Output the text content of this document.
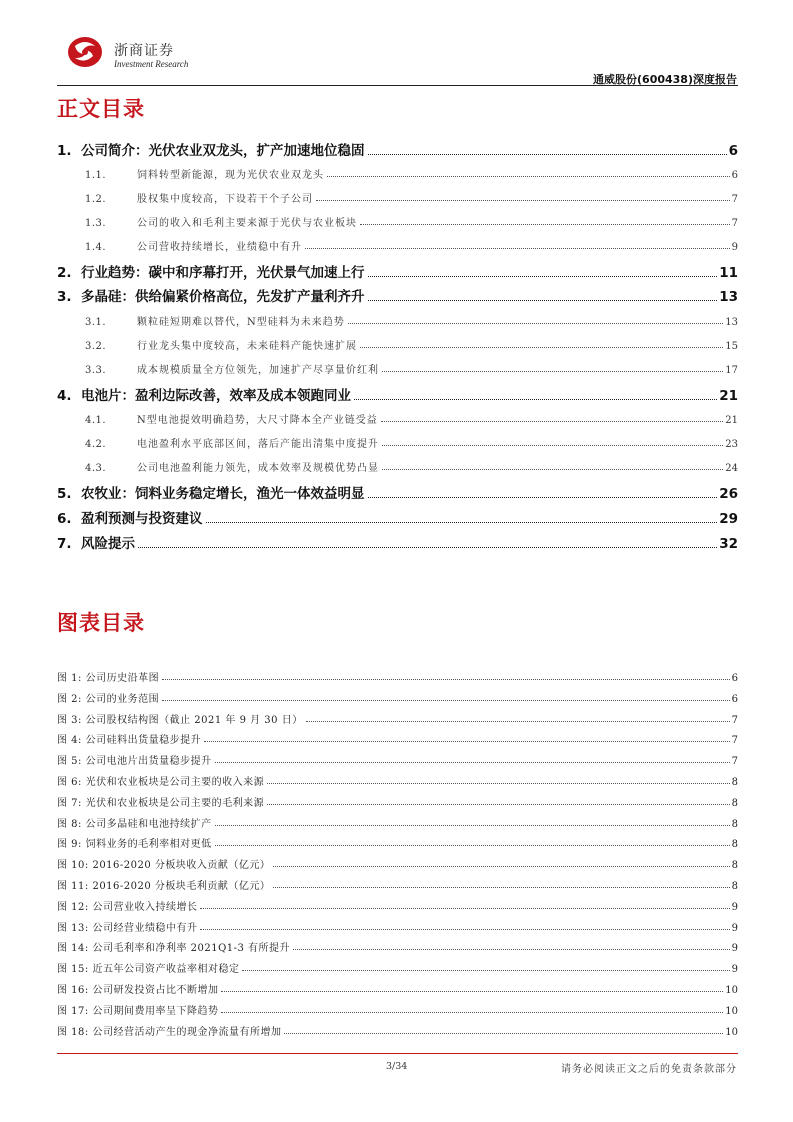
浙商证券
Investment Research
通威股份(600438)深度报告
正文目录
1. 公司简介：光伏农业双龙头，扩产加速地位稳固	6
1.1.	饲料转型新能源，现为光伏农业双龙头	6
1.2.	股权集中度较高，下设若干个子公司	7
1.3.	公司的收入和毛利主要来源于光伏与农业板块	7
1.4.	公司营收持续增长，业绩稳中有升	9
2. 行业趋势：碳中和序幕打开，光伏景气加速上行	11
3. 多晶硅：供给偏紧价格高位，先发扩产量利齐升	13
3.1.	颗粒硅短期难以替代，N型硅料为未来趋势	13
3.2.	行业龙头集中度较高，未来硅料产能快速扩展	15
3.3.	成本规模质量全方位领先，加速扩产尽享量价红利	17
4. 电池片：盈利边际改善，效率及成本领跑同业	21
4.1.	N型电池提效明确趋势，大尺寸降本全产业链受益	21
4.2.	电池盈利水平底部区间，落后产能出清集中度提升	23
4.3.	公司电池盈利能力领先，成本效率及规模优势凸显	24
5. 农牧业：饲料业务稳定增长，渔光一体效益明显	26
6. 盈利预测与投资建议	29
7. 风险提示	32
图表目录
图 1: 公司历史沿革图	6
图 2: 公司的业务范围	6
图 3: 公司股权结构图（截止 2021 年 9 月 30 日）	7
图 4: 公司硅料出货量稳步提升	7
图 5: 公司电池片出货量稳步提升	7
图 6: 光伏和农业板块是公司主要的收入来源	8
图 7: 光伏和农业板块是公司主要的毛利来源	8
图 8: 公司多晶硅和电池持续扩产	8
图 9: 饲料业务的毛利率相对更低	8
图 10: 2016-2020 分板块收入贡献（亿元）	8
图 11: 2016-2020 分板块毛利贡献（亿元）	8
图 12: 公司营业收入持续增长	9
图 13: 公司经营业绩稳中有升	9
图 14: 公司毛利率和净利率 2021Q1-3 有所提升	9
图 15: 近五年公司资产收益率相对稳定	9
图 16: 公司研发投资占比不断增加	10
图 17: 公司期间费用率呈下降趋势	10
图 18: 公司经营活动产生的现金净流量有所增加	10
3/34	请务必阅读正文之后的免责条款部分
